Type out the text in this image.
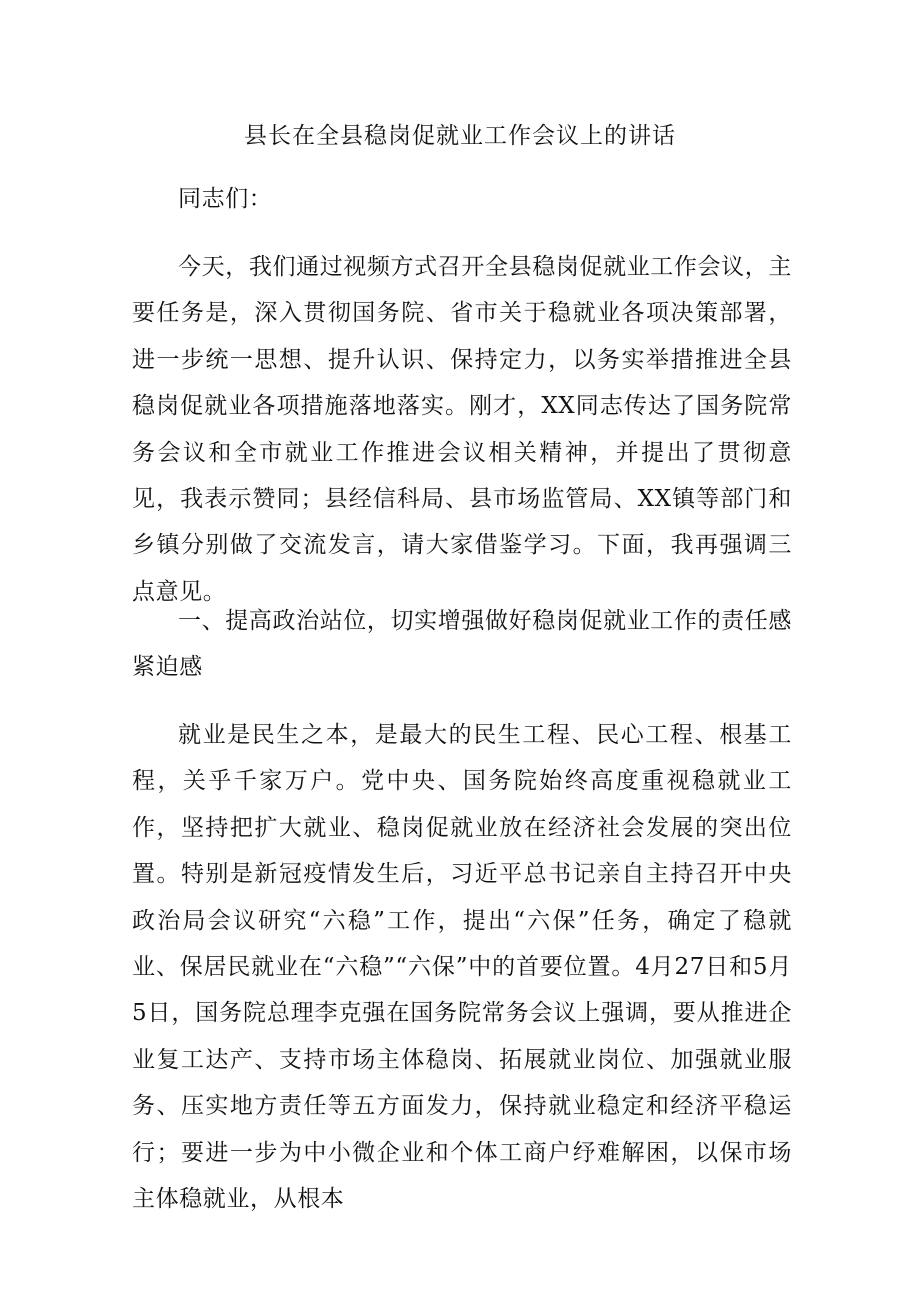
县长在全县稳岗促就业工作会议上的讲话

同志们：

今天，我们通过视频方式召开全县稳岗促就业工作会议，主要任务是，深入贯彻国务院、省市关于稳就业各项决策部署，进一步统一思想、提升认识、保持定力，以务实举措推进全县稳岗促就业各项措施落地落实。刚才，XX同志传达了国务院常务会议和全市就业工作推进会议相关精神，并提出了贯彻意见，我表示赞同；县经信科局、县市场监管局、XX镇等部门和乡镇分别做了交流发言，请大家借鉴学习。下面，我再强调三点意见。

一、提高政治站位，切实增强做好稳岗促就业工作的责任感紧迫感

就业是民生之本，是最大的民生工程、民心工程、根基工程，关乎千家万户。党中央、国务院始终高度重视稳就业工作，坚持把扩大就业、稳岗促就业放在经济社会发展的突出位置。特别是新冠疫情发生后，习近平总书记亲自主持召开中央政治局会议研究“六稳”工作，提出“六保”任务，确定了稳就业、保居民就业在“六稳”“六保”中的首要位置。4月27日和5月5日，国务院总理李克强在国务院常务会议上强调，要从推进企业复工达产、支持市场主体稳岗、拓展就业岗位、加强就业服务、压实地方责任等五方面发力，保持就业稳定和经济平稳运行；要进一步为中小微企业和个体工商户纾难解困，以保市场主体稳就业，从根本
